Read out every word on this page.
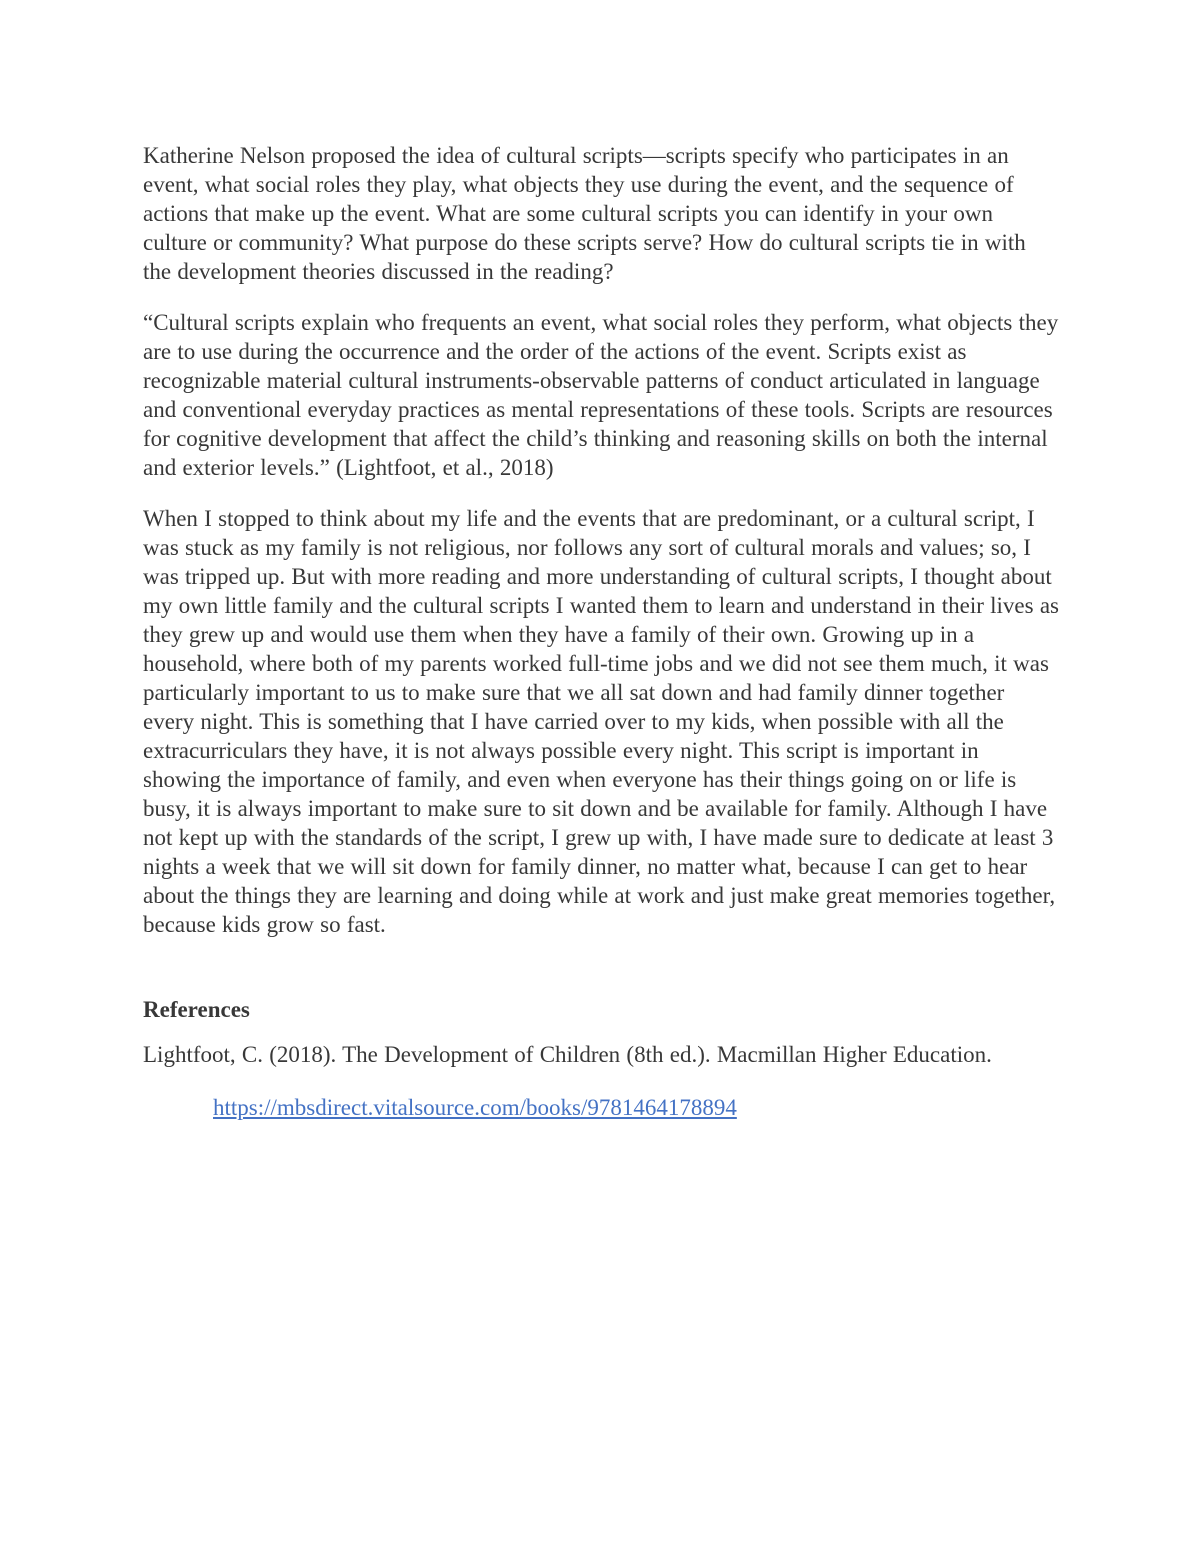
Katherine Nelson proposed the idea of cultural scripts—scripts specify who participates in an event, what social roles they play, what objects they use during the event, and the sequence of actions that make up the event. What are some cultural scripts you can identify in your own culture or community? What purpose do these scripts serve? How do cultural scripts tie in with the development theories discussed in the reading?

“Cultural scripts explain who frequents an event, what social roles they perform, what objects they are to use during the occurrence and the order of the actions of the event. Scripts exist as recognizable material cultural instruments-observable patterns of conduct articulated in language and conventional everyday practices as mental representations of these tools. Scripts are resources for cognitive development that affect the child’s thinking and reasoning skills on both the internal and exterior levels.” (Lightfoot, et al., 2018)

When I stopped to think about my life and the events that are predominant, or a cultural script, I was stuck as my family is not religious, nor follows any sort of cultural morals and values; so, I was tripped up. But with more reading and more understanding of cultural scripts, I thought about my own little family and the cultural scripts I wanted them to learn and understand in their lives as they grew up and would use them when they have a family of their own. Growing up in a household, where both of my parents worked full-time jobs and we did not see them much, it was particularly important to us to make sure that we all sat down and had family dinner together every night. This is something that I have carried over to my kids, when possible with all the extracurriculars they have, it is not always possible every night. This script is important in showing the importance of family, and even when everyone has their things going on or life is busy, it is always important to make sure to sit down and be available for family. Although I have not kept up with the standards of the script, I grew up with, I have made sure to dedicate at least 3 nights a week that we will sit down for family dinner, no matter what, because I can get to hear about the things they are learning and doing while at work and just make great memories together, because kids grow so fast.

References

Lightfoot, C. (2018). The Development of Children (8th ed.). Macmillan Higher Education.

https://mbsdirect.vitalsource.com/books/9781464178894
